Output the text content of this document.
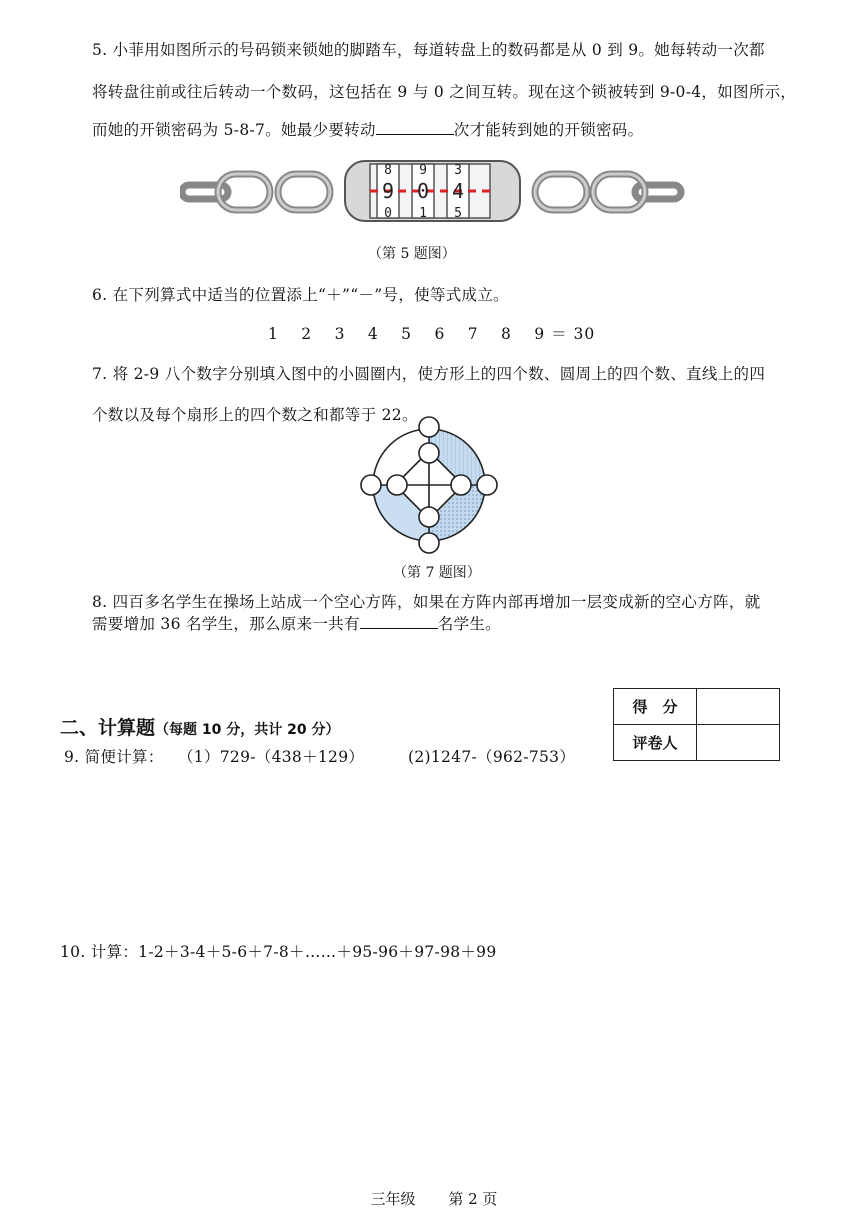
5. 小菲用如图所示的号码锁来锁她的脚踏车，每道转盘上的数码都是从 0 到 9。她每转动一次都
将转盘往前或往后转动一个数码，这包括在 9 与 0 之间互转。现在这个锁被转到 9-0-4，如图所示，
而她的开锁密码为 5-8-7。她最少要转动	次才能转到她的开锁密码。
8 9 3
9 0 4
0 1 5
（第 5 题图）
6. 在下列算式中适当的位置添上“＋”“－”号，使等式成立。
1　 2　 3　 4　 5　 6　 7　 8　 9 ＝ 30
7. 将 2-9 八个数字分别填入图中的小圆圈内，使方形上的四个数、圆周上的四个数、直线上的四
个数以及每个扇形上的四个数之和都等于 22。
（第 7 题图）
8. 四百多名学生在操场上站成一个空心方阵，如果在方阵内部再增加一层变成新的空心方阵，就
需要增加 36 名学生，那么原来一共有	名学生。
得　分	
评卷人	
二、计算题（每题 10 分，共计 20 分）
9. 简便计算： （1）729-（438＋129）	(2)1247-（962-753）
10. 计算：1-2＋3-4＋5-6＋7-8＋……＋95-96＋97-98＋99
三年级 第 2 页
